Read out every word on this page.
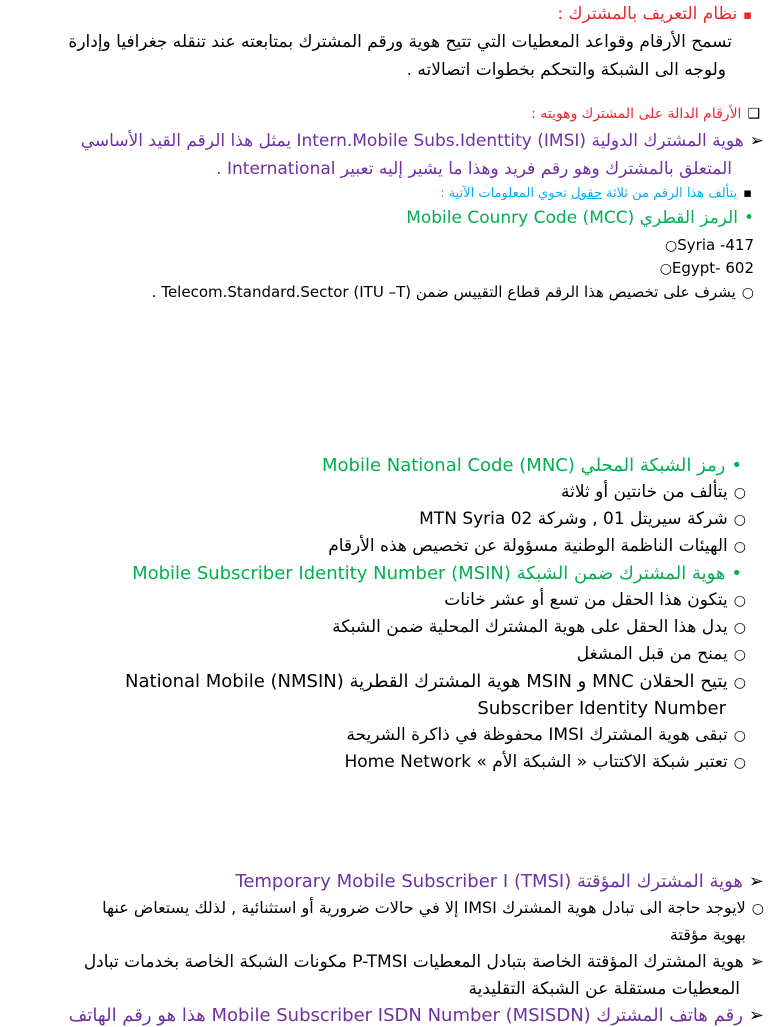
▪نظام التعريف بالمشترك :
تسمح الأرقام وقواعد المعطيات التي تتيح هوية ورقم المشترك بمتابعته عند تنقله جغرافيا وإدارة
ولوجه الى الشبكة والتحكم بخطوات اتصالاته .
❑الأرقام الدالة على المشترك وهويته :
➢هوية المشترك الدولية (IMSI) Intern.Mobile Subs.Identtity يمثل هذا الرقم القيد الأساسي
المتعلق بالمشترك وهو رقم فريد وهذا ما يشير إليه تعبير International .
▪يتألف هذا الرقم من ثلاثة حقول تحوي المعلومات الآتية :
•الرمز القطري (MCC) Mobile Counry Code
○Syria -417
○Egypt- 602
○يشرف على تخصيص هذا الرقم قطاع التقييس ضمن (ITU –T) Telecom.Standard.Sector .
•رمز الشبكة المحلي (MNC) Mobile National Code
○يتألف من خانتين أو ثلاثة
○شركة سيريتل 01 , وشركة MTN Syria 02
○الهيئات الناظمة الوطنية مسؤولة عن تخصيص هذه الأرقام
•هوية المشترك ضمن الشبكة (MSIN) Mobile Subscriber Identity Number
○يتكون هذا الحقل من تسع أو عشر خانات
○يدل هذا الحقل على هوية المشترك المحلية ضمن الشبكة
○يمنح من قبل المشغل
○يتيح الحقلان MNC و MSIN هوية المشترك القطرية (NMSIN) National Mobile
Subscriber Identity Number
○تبقى هوية المشترك IMSI محفوظة في ذاكرة الشريحة
○تعتبر شبكة الاكتتاب « الشبكة الأم » Home Network
➢هوية المشترك المؤقتة (TMSI) Temporary Mobile Subscriber I
○لايوجد حاجة الى تبادل هوية المشترك IMSI إلا في حالات ضرورية أو استثنائية , لذلك يستعاض عنها
بهوية مؤقتة
➢هوية المشترك المؤقتة الخاصة بتبادل المعطيات P-TMSI مكونات الشبكة الخاصة بخدمات تبادل
المعطيات مستقلة عن الشبكة التقليدية
➢رقم هاتف المشترك (MSISDN) Mobile Subscriber ISDN Number هذا هو رقم الهاتف
